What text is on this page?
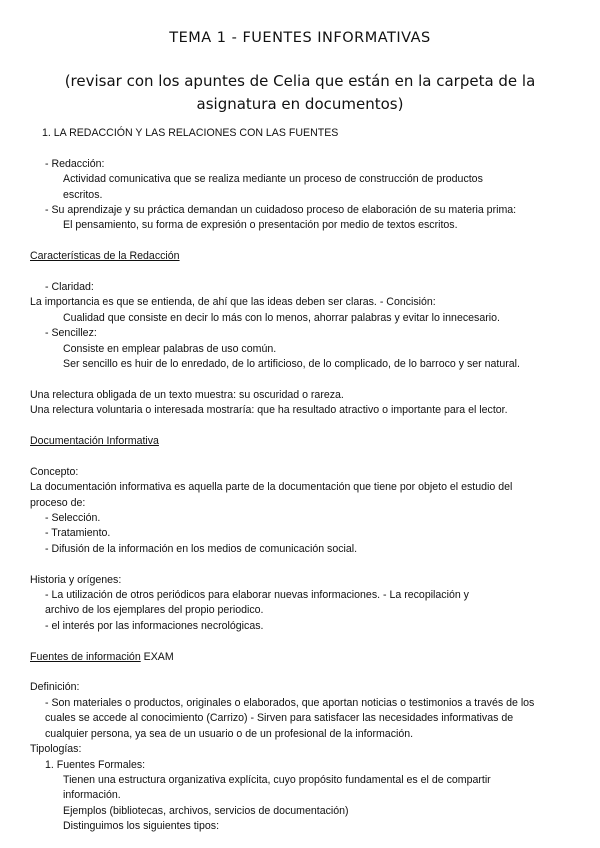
TEMA 1 - FUENTES INFORMATIVAS
(revisar con los apuntes de Celia que están en la carpeta de la asignatura en documentos)

1. LA REDACCIÓN Y LAS RELACIONES CON LAS FUENTES

- Redacción:

Actividad comunicativa que se realiza mediante un proceso de construcción de productos

escritos.

- Su aprendizaje y su práctica demandan un cuidadoso proceso de elaboración de su materia prima:

El pensamiento, su forma de expresión o presentación por medio de textos escritos.

Características de la Redacción

- Claridad:

La importancia es que se entienda, de ahí que las ideas deben ser claras. - Concisión:

Cualidad que consiste en decir lo más con lo menos, ahorrar palabras y evitar lo innecesario.

- Sencillez:

Consiste en emplear palabras de uso común.

Ser sencillo es huir de lo enredado, de lo artificioso, de lo complicado, de lo barroco y ser natural.

Una relectura obligada de un texto muestra: su oscuridad o rareza.

Una relectura voluntaria o interesada mostraría: que ha resultado atractivo o importante para el lector.

Documentación Informativa

Concepto:

La documentación informativa es aquella parte de la documentación que tiene por objeto el estudio del

proceso de:

- Selección.

- Tratamiento.

- Difusión de la información en los medios de comunicación social.

Historia y orígenes:

- La utilización de otros periódicos para elaborar nuevas informaciones. - La recopilación y

archivo de los ejemplares del propio periodico.

- el interés por las informaciones necrológicas.

Fuentes de información EXAM

Definición:

- Son materiales o productos, originales o elaborados, que aportan noticias o testimonios a través de los

cuales se accede al conocimiento (Carrizo) - Sirven para satisfacer las necesidades informativas de

cualquier persona, ya sea de un usuario o de un profesional de la información.

Tipologías:

1. Fuentes Formales:

Tienen una estructura organizativa explícita, cuyo propósito fundamental es el de compartir

información.

Ejemplos (bibliotecas, archivos, servicios de documentación)

Distinguimos los siguientes tipos:
